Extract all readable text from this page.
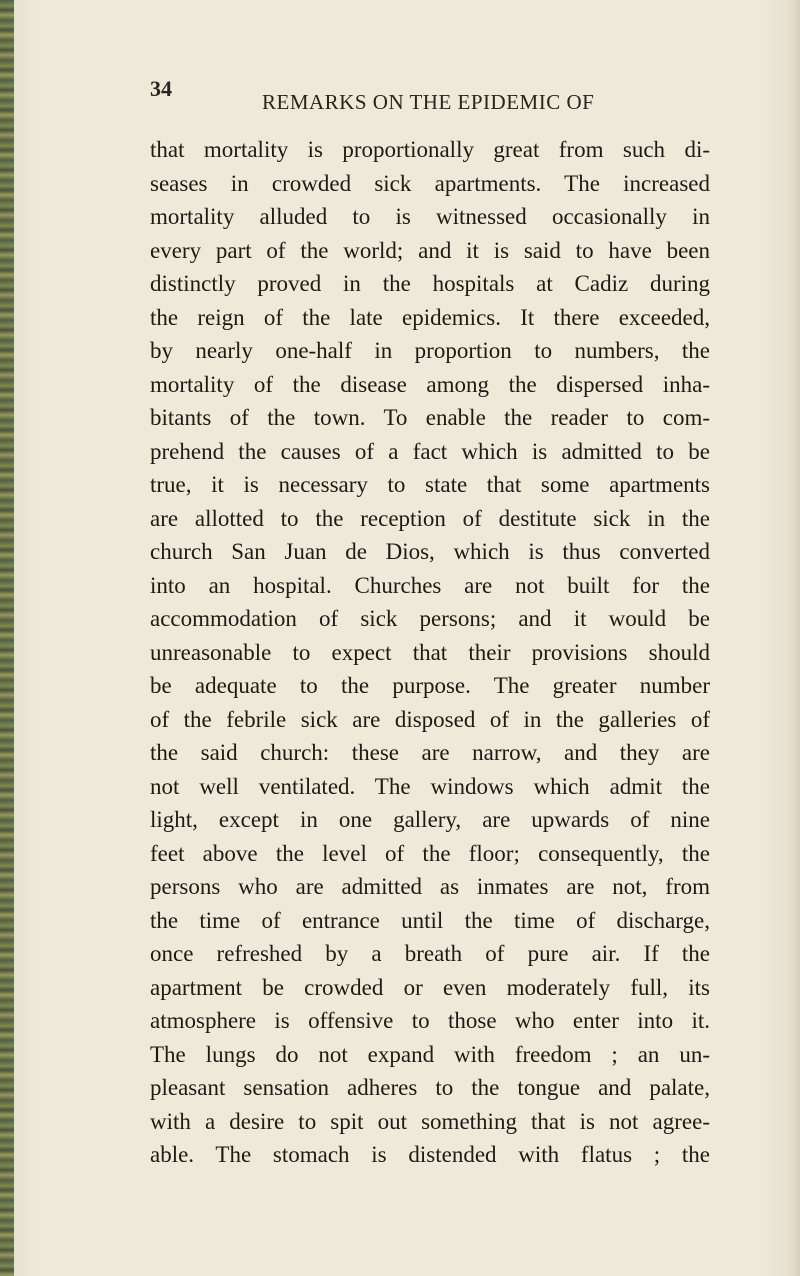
34
REMARKS ON THE EPIDEMIC OF
that mortality is proportionally great from such di-
seases in crowded sick apartments. The increased
mortality alluded to is witnessed occasionally in
every part of the world; and it is said to have been
distinctly proved in the hospitals at Cadiz during
the reign of the late epidemics. It there exceeded,
by nearly one-half in proportion to numbers, the
mortality of the disease among the dispersed inha-
bitants of the town. To enable the reader to com-
prehend the causes of a fact which is admitted to be
true, it is necessary to state that some apartments
are allotted to the reception of destitute sick in the
church San Juan de Dios, which is thus converted
into an hospital. Churches are not built for the
accommodation of sick persons; and it would be
unreasonable to expect that their provisions should
be adequate to the purpose. The greater number
of the febrile sick are disposed of in the galleries of
the said church: these are narrow, and they are
not well ventilated. The windows which admit the
light, except in one gallery, are upwards of nine
feet above the level of the floor; consequently, the
persons who are admitted as inmates are not, from
the time of entrance until the time of discharge,
once refreshed by a breath of pure air. If the
apartment be crowded or even moderately full, its
atmosphere is offensive to those who enter into it.
The lungs do not expand with freedom ; an un-
pleasant sensation adheres to the tongue and palate,
with a desire to spit out something that is not agree-
able. The stomach is distended with flatus ; the
